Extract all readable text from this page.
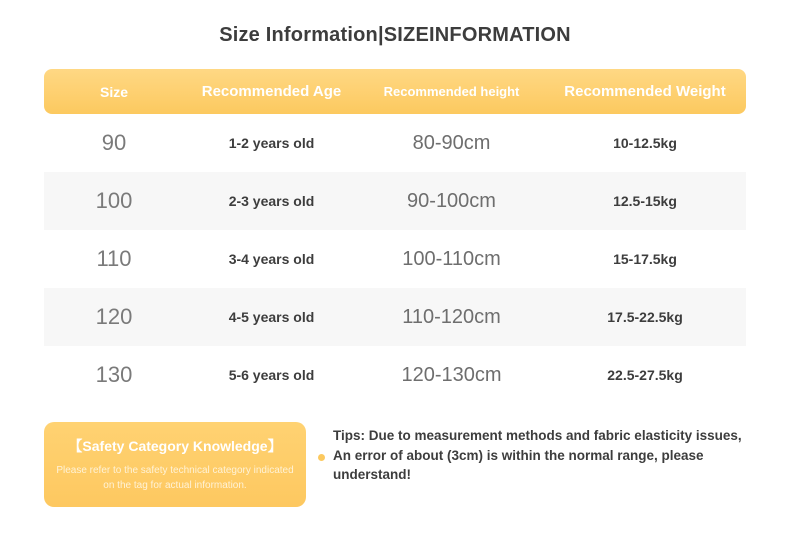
Size Information|SIZEINFORMATION
Size	Recommended Age	Recommended height	Recommended Weight
90	1-2 years old	80-90cm	10-12.5kg
100	2-3 years old	90-100cm	12.5-15kg
110	3-4 years old	100-110cm	15-17.5kg
120	4-5 years old	110-120cm	17.5-22.5kg
130	5-6 years old	120-130cm	22.5-27.5kg
【Safety Category Knowledge】
Please refer to the safety technical category indicated on the tag for actual information.
Tips: Due to measurement methods and fabric elasticity issues,
An error of about (3cm) is within the normal range, please understand!
